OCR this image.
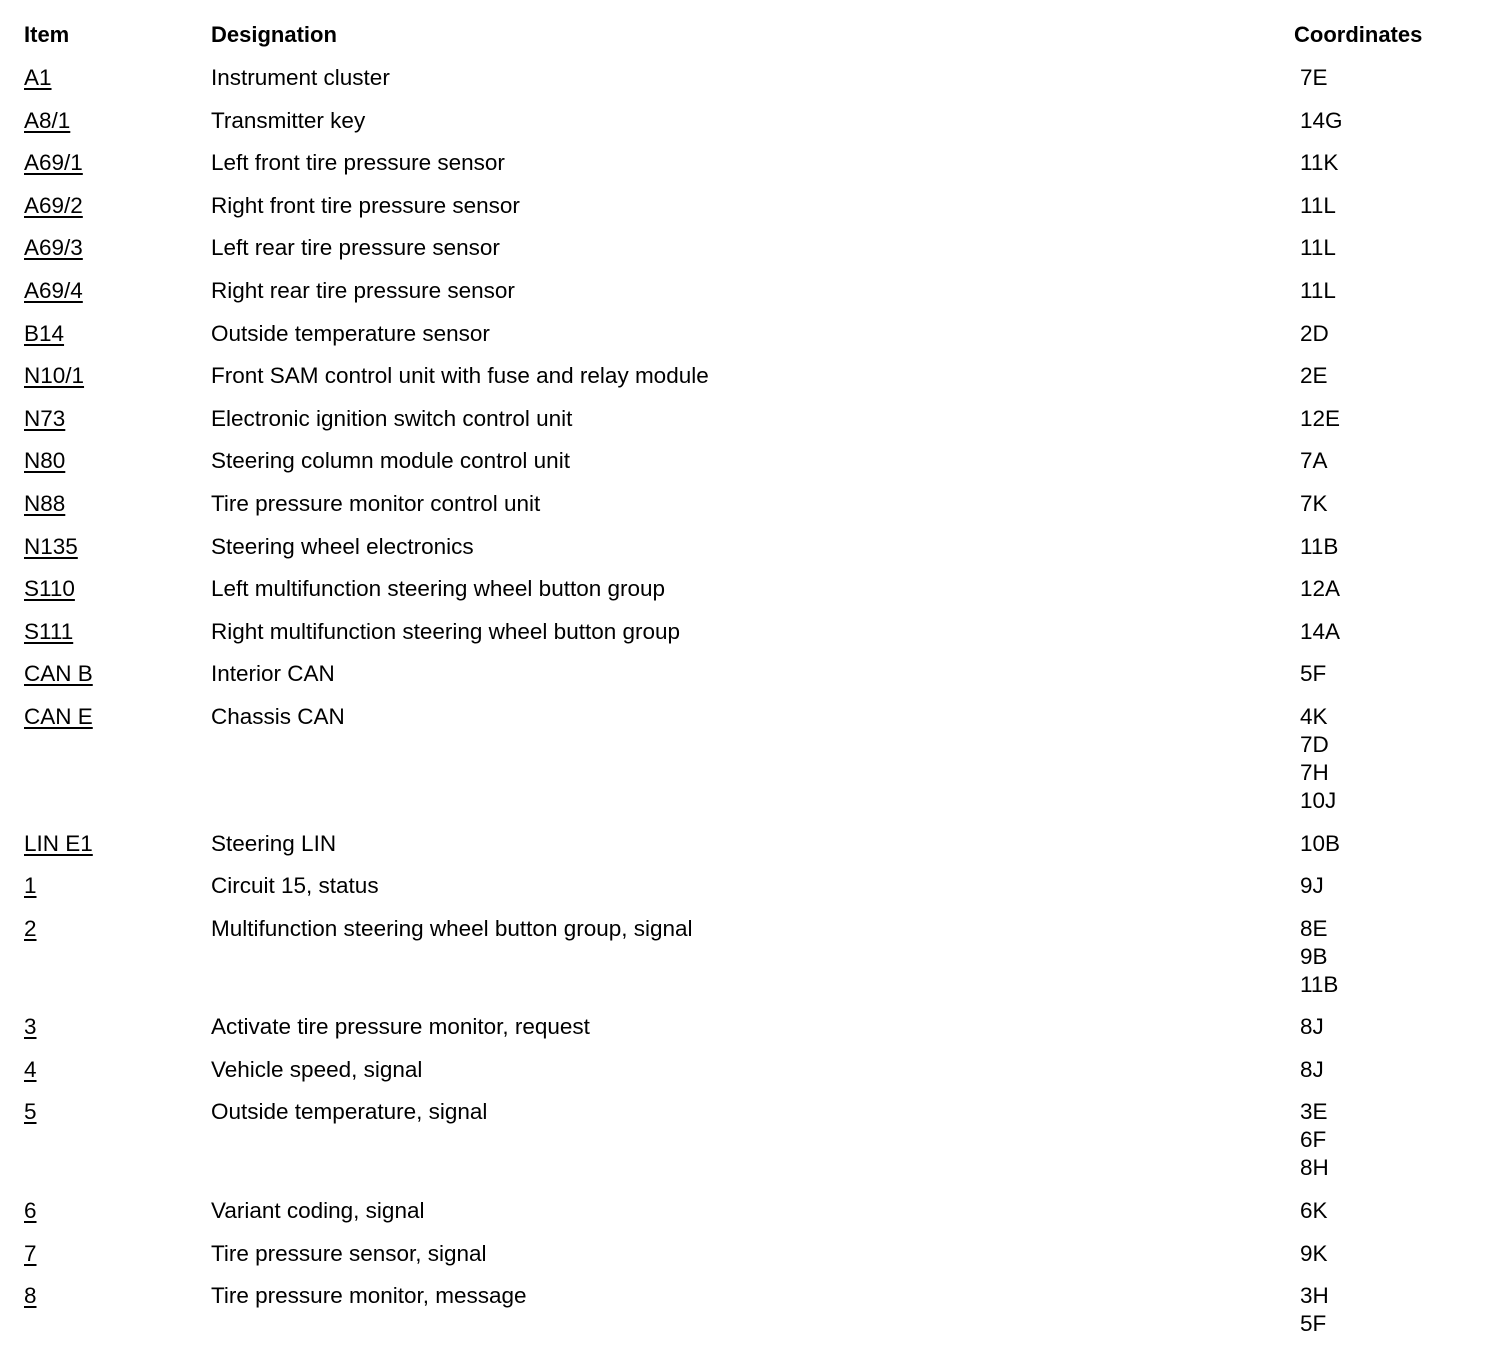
Item	Designation	Coordinates
A1	Instrument cluster	7E
A8/1	Transmitter key	14G
A69/1	Left front tire pressure sensor	11K
A69/2	Right front tire pressure sensor	11L
A69/3	Left rear tire pressure sensor	11L
A69/4	Right rear tire pressure sensor	11L
B14	Outside temperature sensor	2D
N10/1	Front SAM control unit with fuse and relay module	2E
N73	Electronic ignition switch control unit	12E
N80	Steering column module control unit	7A
N88	Tire pressure monitor control unit	7K
N135	Steering wheel electronics	11B
S110	Left multifunction steering wheel button group	12A
S111	Right multifunction steering wheel button group	14A
CAN B	Interior CAN	5F
CAN E	Chassis CAN	4K
7D
7H
10J
LIN E1	Steering LIN	10B
1	Circuit 15, status	9J
2	Multifunction steering wheel button group, signal	8E
9B
11B
3	Activate tire pressure monitor, request	8J
4	Vehicle speed, signal	8J
5	Outside temperature, signal	3E
6F
8H
6	Variant coding, signal	6K
7	Tire pressure sensor, signal	9K
8	Tire pressure monitor, message	3H
5F
